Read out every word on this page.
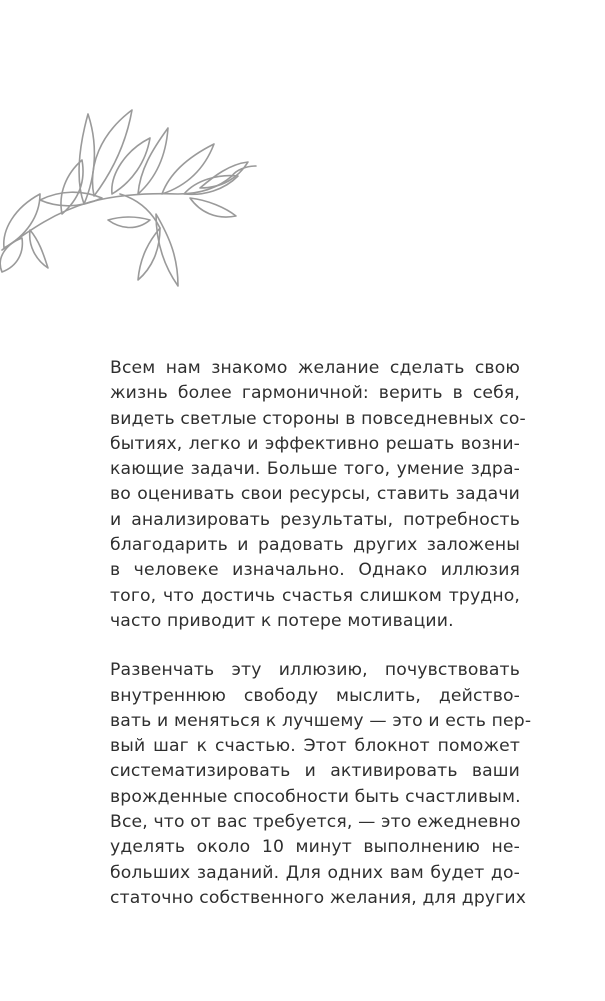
Всем нам знакомо желание сделать свою
жизнь более гармоничной: верить в себя,
видеть светлые стороны в повседневных со-
бытиях, легко и эффективно решать возни-
кающие задачи. Больше того, умение здра-
во оценивать свои ресурсы, ставить задачи
и анализировать результаты, потребность
благодарить и радовать других заложены
в человеке изначально. Однако иллюзия
того, что достичь счастья слишком трудно,
часто приводит к потере мотивации.

Развенчать эту иллюзию, почувствовать
внутреннюю свободу мыслить, действо-
вать и меняться к лучшему — это и есть пер-
вый шаг к счастью. Этот блокнот поможет
систематизировать и активировать ваши
врожденные способности быть счастливым.
Все, что от вас требуется, — это ежедневно
уделять около 10 минут выполнению не-
больших заданий. Для одних вам будет до-
статочно собственного желания, для других
